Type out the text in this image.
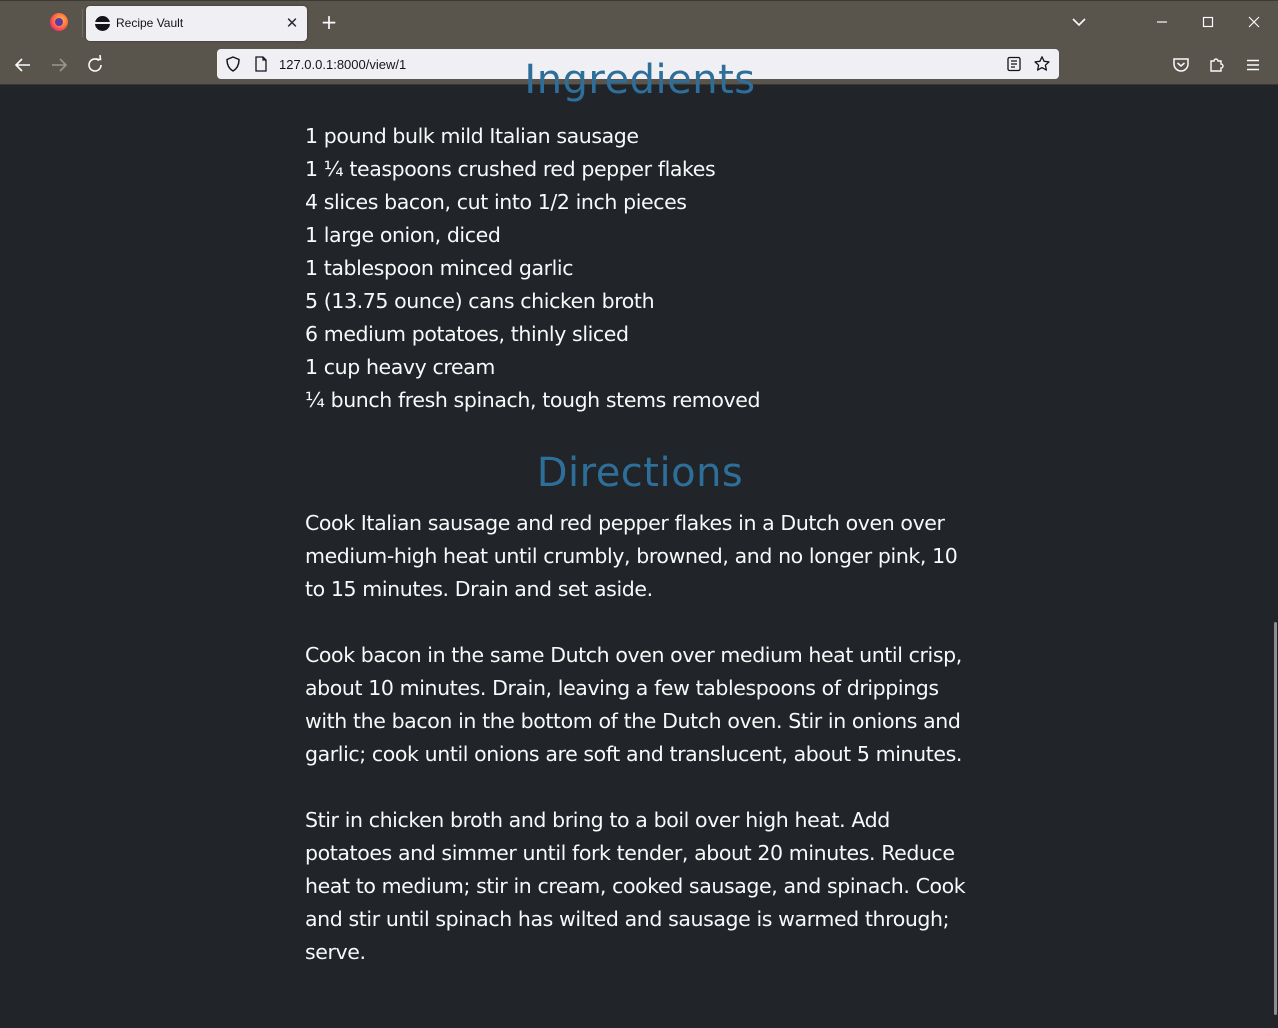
Recipe Vault	✕ +
127.0.0.1:8000/view/1	Ingredients
1 pound bulk mild Italian sausage
1 ¼ teaspoons crushed red pepper flakes
4 slices bacon, cut into 1/2 inch pieces
1 large onion, diced
1 tablespoon minced garlic
5 (13.75 ounce) cans chicken broth
6 medium potatoes, thinly sliced
1 cup heavy cream
¼ bunch fresh spinach, tough stems removed
Directions

Cook Italian sausage and red pepper flakes in a Dutch oven over medium-high heat until crumbly, browned, and no longer pink, 10 to 15 minutes. Drain and set aside.

Cook bacon in the same Dutch oven over medium heat until crisp, about 10 minutes. Drain, leaving a few tablespoons of drippings with the bacon in the bottom of the Dutch oven. Stir in onions and garlic; cook until onions are soft and translucent, about 5 minutes.

Stir in chicken broth and bring to a boil over high heat. Add potatoes and simmer until fork tender, about 20 minutes. Reduce heat to medium; stir in cream, cooked sausage, and spinach. Cook and stir until spinach has wilted and sausage is warmed through; serve.
